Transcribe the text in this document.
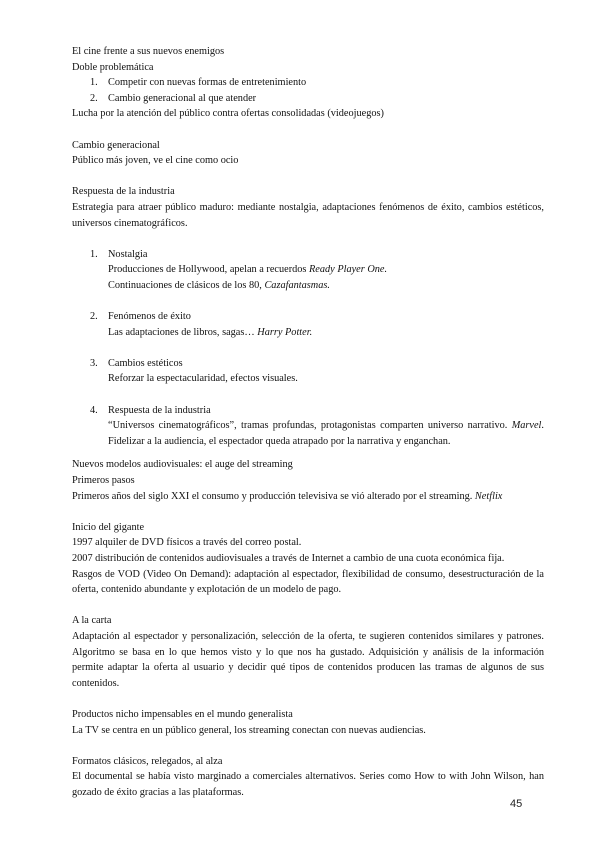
El cine frente a sus nuevos enemigos

Doble problemática

1. Competir con nuevas formas de entretenimiento
2. Cambio generacional al que atender

Lucha por la atención del público contra ofertas consolidadas (videojuegos)

Cambio generacional

Público más joven, ve el cine como ocio

Respuesta de la industria

Estrategia para atraer público maduro: mediante nostalgia, adaptaciones fenómenos de éxito, cambios estéticos, universos cinematográficos.

1. Nostalgia
Producciones de Hollywood, apelan a recuerdos Ready Player One.
Continuaciones de clásicos de los 80, Cazafantasmas.
2. Fenómenos de éxito
Las adaptaciones de libros, sagas… Harry Potter.
3. Cambios estéticos
Reforzar la espectacularidad, efectos visuales.
4. Respuesta de la industria
“Universos cinematográficos”, tramas profundas, protagonistas comparten universo narrativo. Marvel. Fidelizar a la audiencia, el espectador queda atrapado por la narrativa y enganchan.

Nuevos modelos audiovisuales: el auge del streaming

Primeros pasos

Primeros años del siglo XXI el consumo y producción televisiva se vió alterado por el streaming. Netflix

Inicio del gigante

1997 alquiler de DVD físicos a través del correo postal.

2007 distribución de contenidos audiovisuales a través de Internet a cambio de una cuota económica fija.

Rasgos de VOD (Video On Demand): adaptación al espectador, flexibilidad de consumo, desestructuración de la oferta, contenido abundante y explotación de un modelo de pago.

A la carta

Adaptación al espectador y personalización, selección de la oferta, te sugieren contenidos similares y patrones. Algoritmo se basa en lo que hemos visto y lo que nos ha gustado. Adquisición y análisis de la información permite adaptar la oferta al usuario y decidir qué tipos de contenidos producen las tramas de algunos de sus contenidos.

Productos nicho impensables en el mundo generalista

La TV se centra en un público general, los streaming conectan con nuevas audiencias.

Formatos clásicos, relegados, al alza

El documental se había visto marginado a comerciales alternativos. Series como How to with John Wilson, han gozado de éxito gracias a las plataformas.

45
